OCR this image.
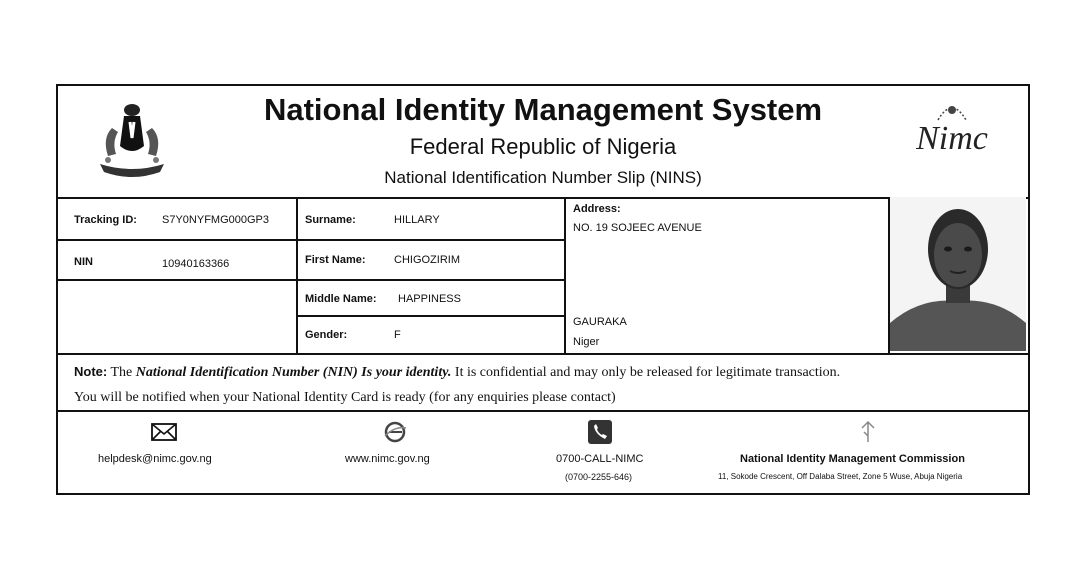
National Identity Management System
Federal Republic of Nigeria
National Identification Number Slip (NINS)
Nimc
Tracking ID: S7Y0NYFMG000GP3
NIN	10940163366
Surname:	HILLARY
First Name:	CHIGOZIRIM
Middle Name: HAPPINESS
Gender:	F
Address:
NO. 19 SOJEEC AVENUE
GAURAKA
Niger
Note: The National Identification Number (NIN) Is your identity. It is confidential and may only be released for legitimate transaction.
You will be notified when your National Identity Card is ready (for any enquiries please contact)
helpdesk@nimc.gov.ng	www.nimc.gov.ng	0700-CALL-NIMC
(0700-2255-646)
National Identity Management Commission
11, Sokode Crescent, Off Dalaba Street, Zone 5 Wuse, Abuja Nigeria
